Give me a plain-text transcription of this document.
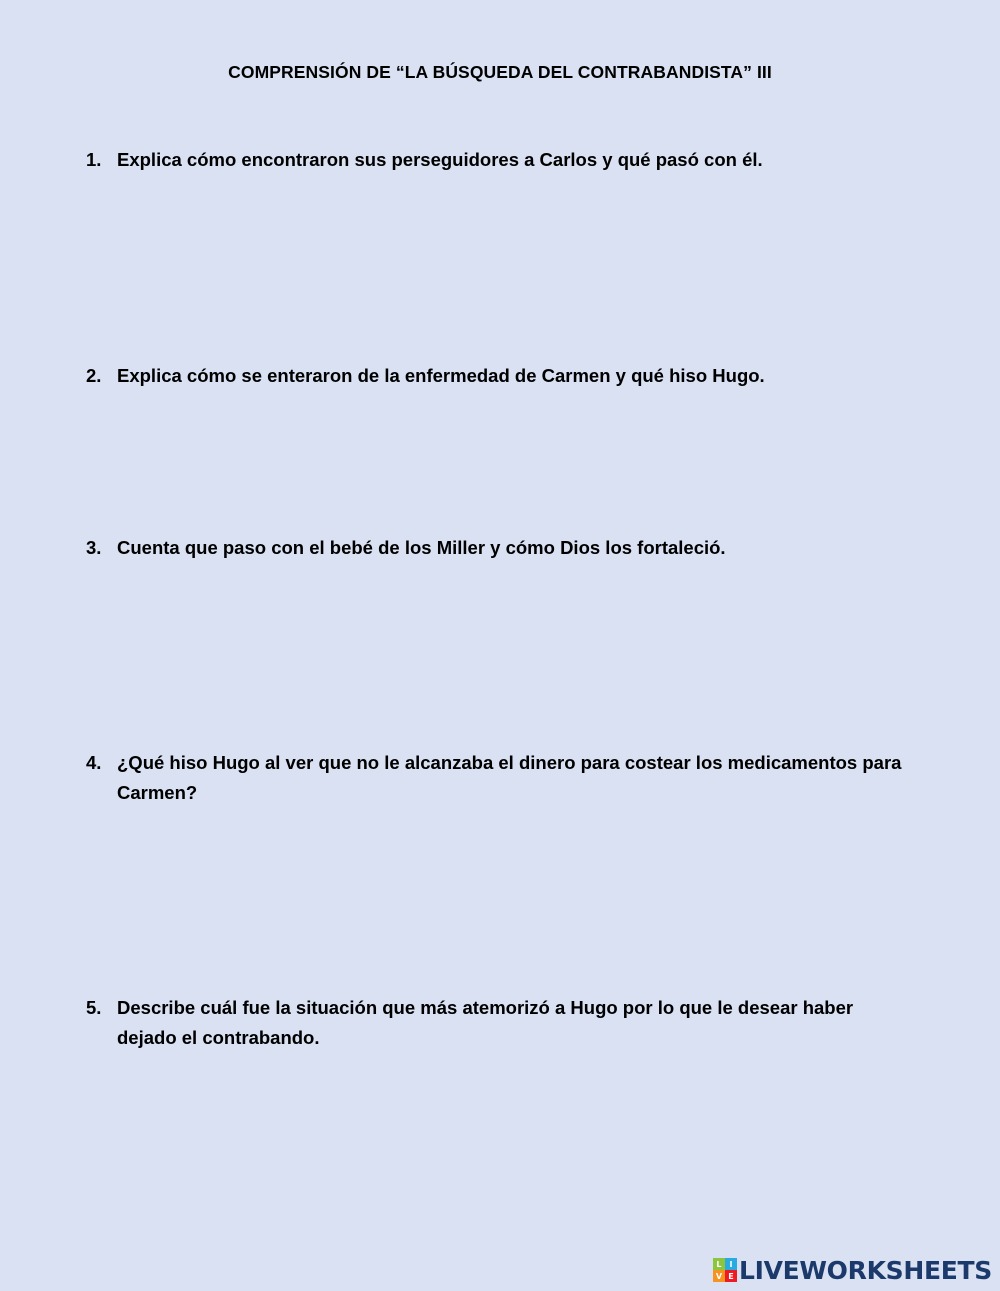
COMPRENSIÓN DE “LA BÚSQUEDA DEL CONTRABANDISTA” III
1. Explica cómo encontraron sus perseguidores a Carlos y qué pasó con él.
2. Explica cómo se enteraron de la enfermedad de Carmen y qué hiso Hugo.
3. Cuenta que paso con el bebé de los Miller y cómo Dios los fortaleció.
4. ¿Qué hiso Hugo al ver que no le alcanzaba el dinero para costear los medicamentos para Carmen?
5. Describe cuál fue la situación que más atemorizó a Hugo por lo que le desear haber dejado el contrabando.
L I
V E LIVEWORKSHEETS
